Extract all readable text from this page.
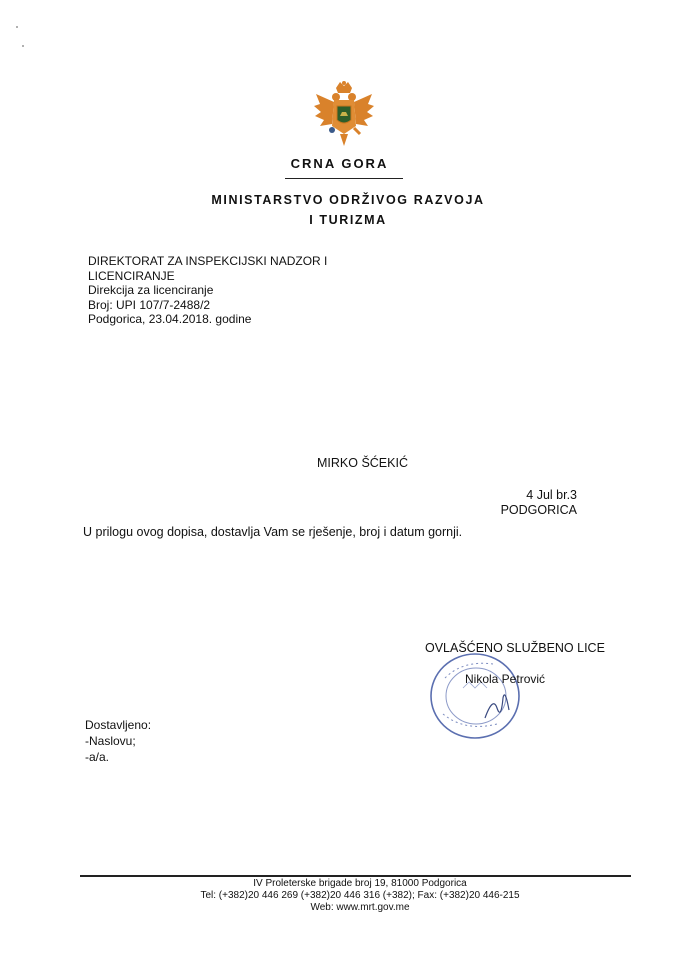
CRNA GORA
MINISTARSTVO ODRŽIVOG RAZVOJA
I TURIZMA
DIREKTORAT ZA INSPEKCIJSKI NADZOR I
LICENCIRANJE
Direkcija za licenciranje
Broj: UPI 107/7-2488/2
Podgorica, 23.04.2018. godine
MIRKO ŠĆEKIĆ
4 Jul br.3
PODGORICA
U prilogu ovog dopisa, dostavlja Vam se rješenje, broj i datum gornji.
OVLAŠĆENO SLUŽBENO LICE
Nikola Petrović
Dostavljeno:
-Naslovu;
-a/a.
IV Proleterske brigade broj 19, 81000 Podgorica
Tel: (+382)20 446 269 (+382)20 446 316 (+382); Fax: (+382)20 446-215
Web: www.mrt.gov.me
